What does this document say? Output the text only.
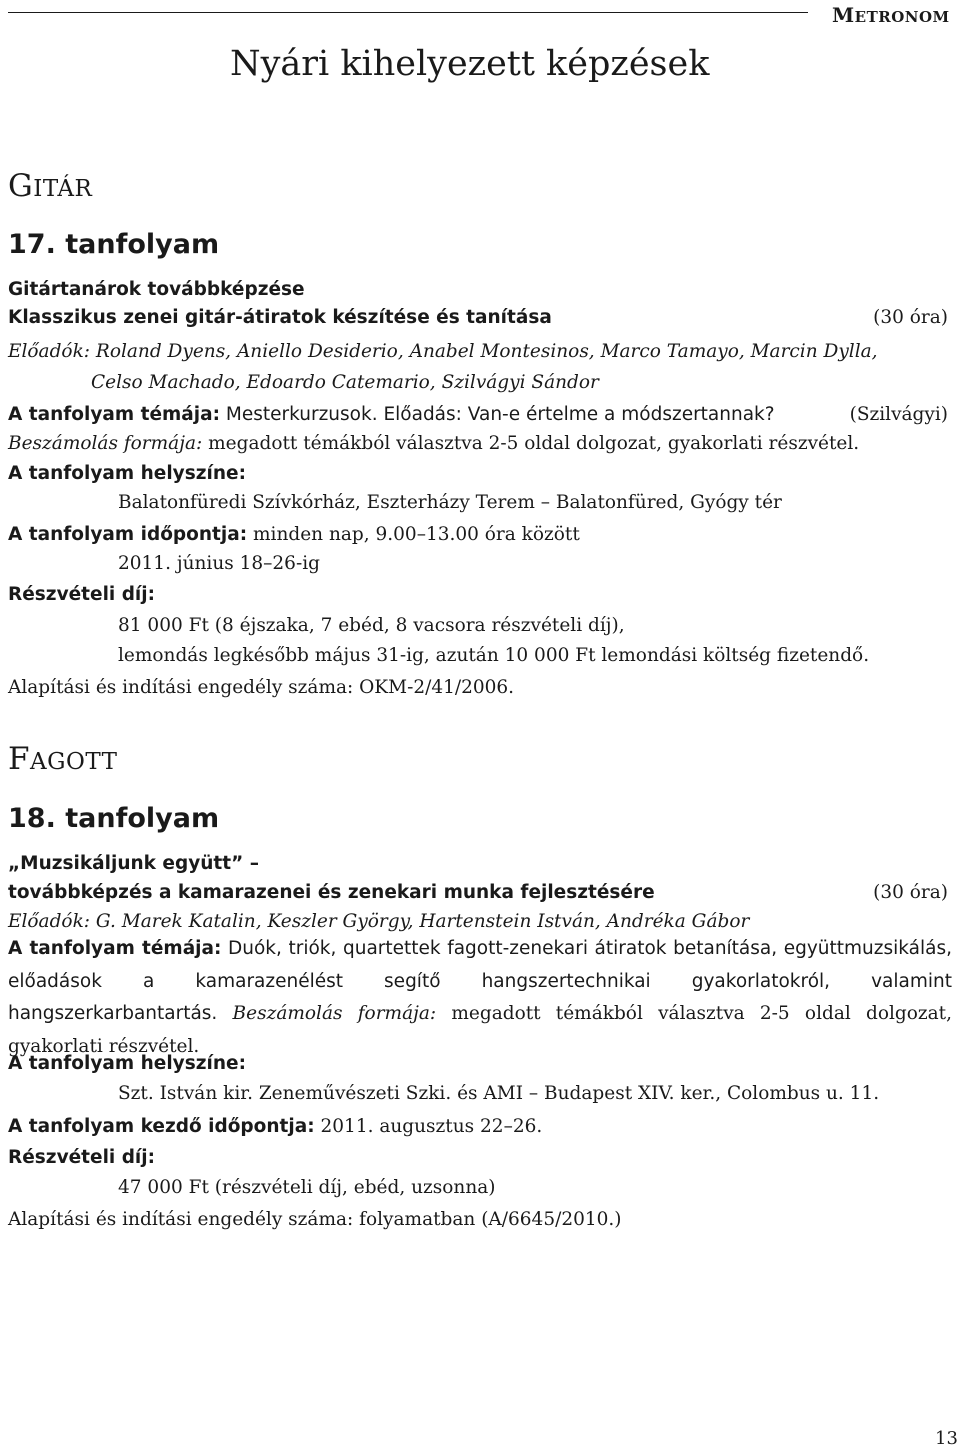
METRONOM
Nyári kihelyezett képzések
GITÁR
17. tanfolyam
Gitártanárok továbbképzése
Klasszikus zenei gitár-átiratok készítése és tanítása	(30 óra)
Előadók: Roland Dyens, Aniello Desiderio, Anabel Montesinos, Marco Tamayo, Marcin Dylla,
Celso Machado, Edoardo Catemario, Szilvágyi Sándor
A tanfolyam témája: Mesterkurzusok. Előadás: Van-e értelme a módszertannak?	(Szilvágyi)
Beszámolás formája: megadott témákból választva 2-5 oldal dolgozat, gyakorlati részvétel.
A tanfolyam helyszíne:
Balatonfüredi Szívkórház, Eszterházy Terem – Balatonfüred, Gyógy tér
A tanfolyam időpontja: minden nap, 9.00–13.00 óra között
2011. június 18–26-ig
Részvételi díj:
81 000 Ft (8 éjszaka, 7 ebéd, 8 vacsora részvételi díj),
lemondás legkésőbb május 31-ig, azután 10 000 Ft lemondási költség fizetendő.
Alapítási és indítási engedély száma: OKM-2/41/2006.
FAGOTT
18. tanfolyam
„Muzsikáljunk együtt” –
továbbképzés a kamarazenei és zenekari munka fejlesztésére	(30 óra)
Előadók: G. Marek Katalin, Keszler György, Hartenstein István, Andréka Gábor
A tanfolyam témája: Duók, triók, quartettek fagott-zenekari átiratok betanítása, együttmuzsikálás, előadások a kamarazenélést segítő hangszertechnikai gyakorlatokról, valamint hangszerkarbantartás. Beszámolás formája: megadott témákból választva 2-5 oldal dolgozat, gyakorlati részvétel.
A tanfolyam helyszíne:
Szt. István kir. Zeneművészeti Szki. és AMI – Budapest XIV. ker., Colombus u. 11.
A tanfolyam kezdő időpontja: 2011. augusztus 22–26.
Részvételi díj:
47 000 Ft (részvételi díj, ebéd, uzsonna)
Alapítási és indítási engedély száma: folyamatban (A/6645/2010.)
13
